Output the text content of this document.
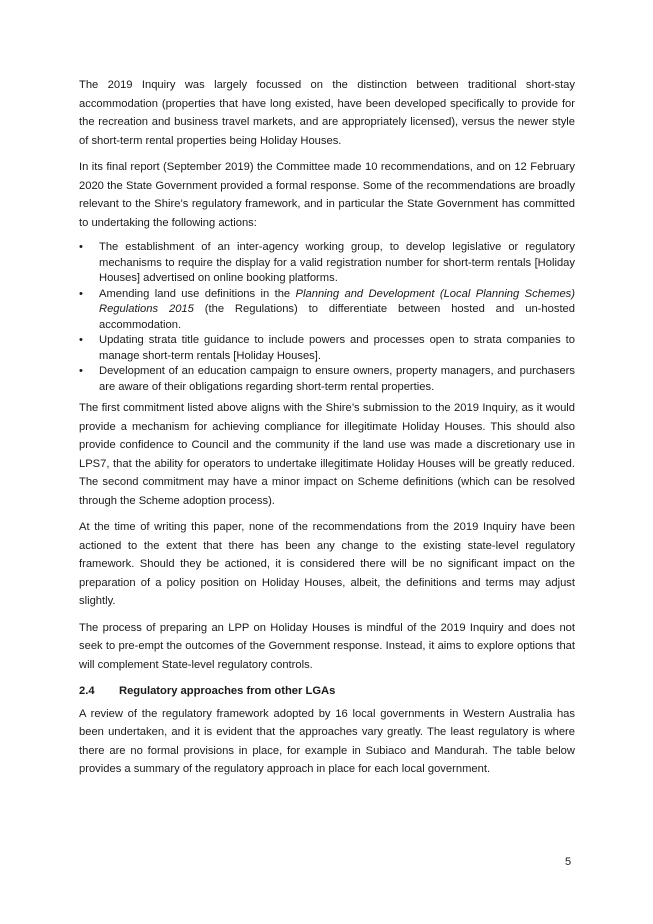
The 2019 Inquiry was largely focussed on the distinction between traditional short-stay accommodation (properties that have long existed, have been developed specifically to provide for the recreation and business travel markets, and are appropriately licensed), versus the newer style of short-term rental properties being Holiday Houses.

In its final report (September 2019) the Committee made 10 recommendations, and on 12 February 2020 the State Government provided a formal response. Some of the recommendations are broadly relevant to the Shire’s regulatory framework, and in particular the State Government has committed to undertaking the following actions:

•	The establishment of an inter-agency working group, to develop legislative or regulatory mechanisms to require the display for a valid registration number for short-term rentals [Holiday Houses] advertised on online booking platforms.
•	Amending land use definitions in the Planning and Development (Local Planning Schemes) Regulations 2015 (the Regulations) to differentiate between hosted and un-hosted accommodation.
•	Updating strata title guidance to include powers and processes open to strata companies to manage short-term rentals [Holiday Houses].
•	Development of an education campaign to ensure owners, property managers, and purchasers are aware of their obligations regarding short-term rental properties.

The first commitment listed above aligns with the Shire’s submission to the 2019 Inquiry, as it would provide a mechanism for achieving compliance for illegitimate Holiday Houses. This should also provide confidence to Council and the community if the land use was made a discretionary use in LPS7, that the ability for operators to undertake illegitimate Holiday Houses will be greatly reduced. The second commitment may have a minor impact on Scheme definitions (which can be resolved through the Scheme adoption process).

At the time of writing this paper, none of the recommendations from the 2019 Inquiry have been actioned to the extent that there has been any change to the existing state-level regulatory framework. Should they be actioned, it is considered there will be no significant impact on the preparation of a policy position on Holiday Houses, albeit, the definitions and terms may adjust slightly.

The process of preparing an LPP on Holiday Houses is mindful of the 2019 Inquiry and does not seek to pre-empt the outcomes of the Government response. Instead, it aims to explore options that will complement State-level regulatory controls.

2.4	Regulatory approaches from other LGAs

A review of the regulatory framework adopted by 16 local governments in Western Australia has been undertaken, and it is evident that the approaches vary greatly. The least regulatory is where there are no formal provisions in place, for example in Subiaco and Mandurah. The table below provides a summary of the regulatory approach in place for each local government.

5
